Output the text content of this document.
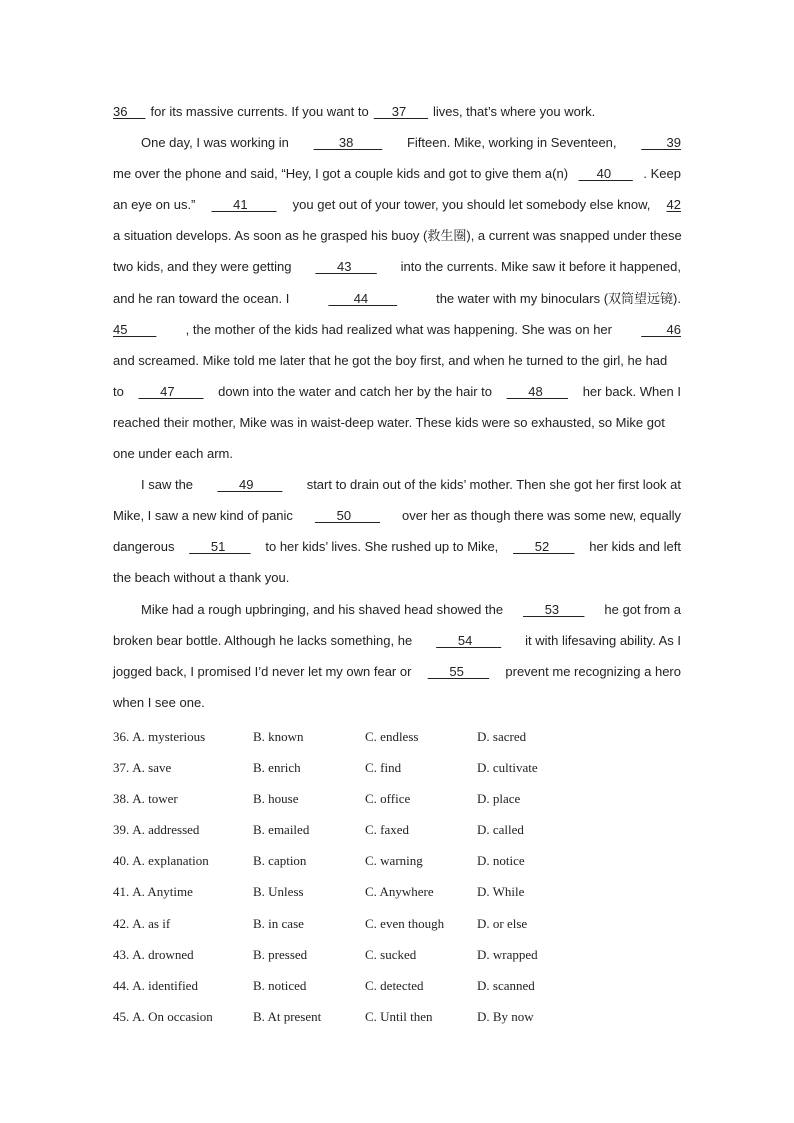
36 for its massive currents. If you want to 37 lives, that’s where you work.
One day, I was working in 38 Fifteen. Mike, working in Seventeen, 39
me over the phone and said, “Hey, I got a couple kids and got to give them a(n) 40 . Keep
an eye on us.” 41 you get out of your tower, you should let somebody else know, 42
a situation develops. As soon as he grasped his buoy (救生圈), a current was snapped under these
two kids, and they were getting 43 into the currents. Mike saw it before it happened,
and he ran toward the ocean. I	44	the water with my binoculars (双筒望远镜).
45 , the mother of the kids had realized what was happening. She was on her 46
and screamed. Mike told me later that he got the boy first, and when he turned to the girl, he had
to 47 down into the water and catch her by the hair to 48 her back. When I
reached their mother, Mike was in waist-deep water. These kids were so exhausted, so Mike got
one under each arm.
I saw the 49 start to drain out of the kids’ mother. Then she got her first look at
Mike, I saw a new kind of panic 50 over her as though there was some new, equally
dangerous 51 to her kids’ lives. She rushed up to Mike, 52 her kids and left
the beach without a thank you.
Mike had a rough upbringing, and his shaved head showed the 53 he got from a
broken bear bottle. Although he lacks something, he 54 it with lifesaving ability. As I
jogged back, I promised I’d never let my own fear or 55 prevent me recognizing a hero
when I see one.
36. A. mysterious	B. known	C. endless	D. sacred
37. A. save	B. enrich	C. find	D. cultivate
38. A. tower	B. house	C. office	D. place
39. A. addressed	B. emailed	C. faxed	D. called
40. A. explanation	B. caption	C. warning	D. notice
41. A. Anytime	B. Unless	C. Anywhere	D. While
42. A. as if	B. in case	C. even though	D. or else
43. A. drowned	B. pressed	C. sucked	D. wrapped
44. A. identified	B. noticed	C. detected	D. scanned
45. A. On occasion	B. At present	C. Until then	D. By now
